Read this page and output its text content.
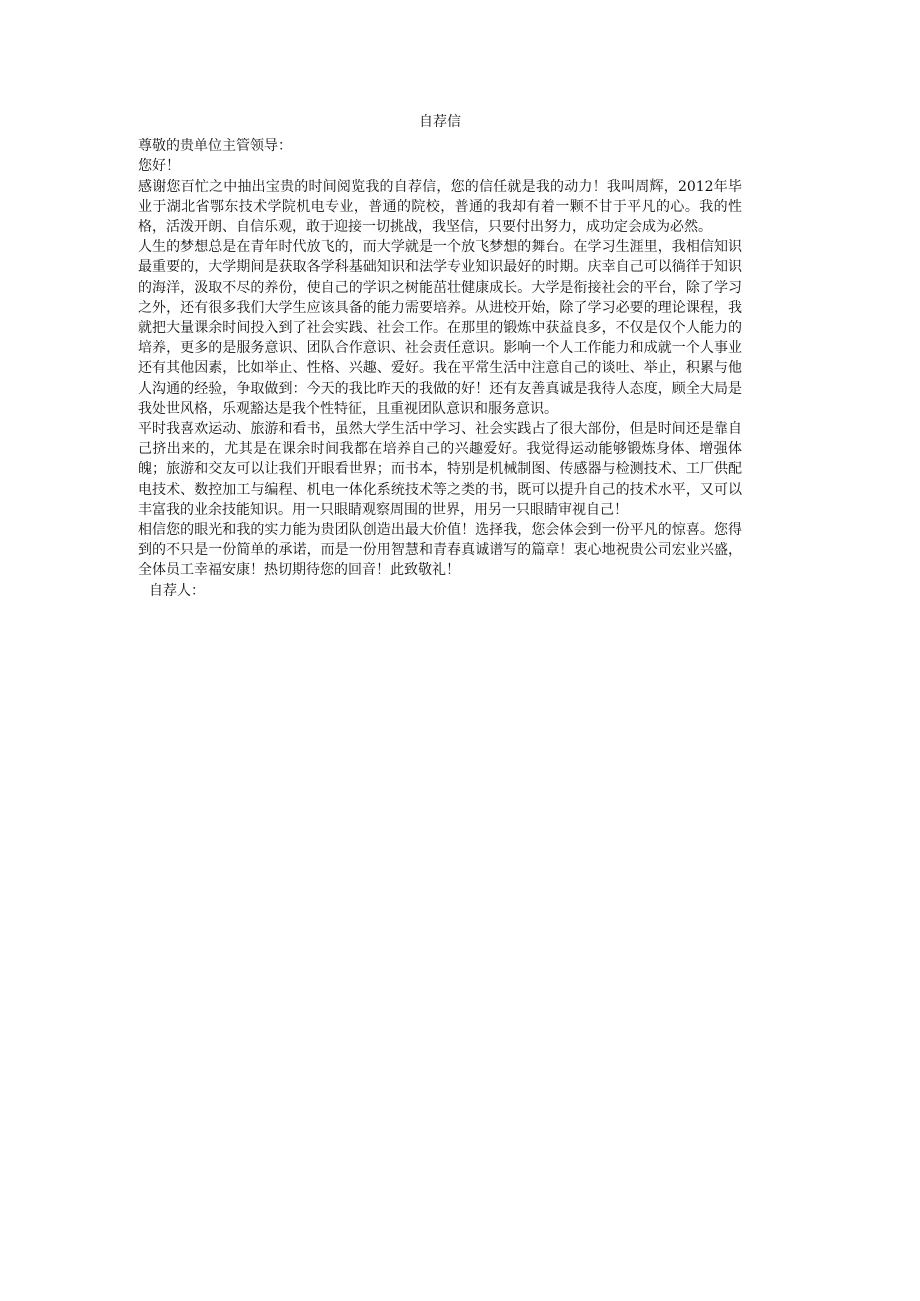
自荐信

尊敬的贵单位主管领导：

您好！

感谢您百忙之中抽出宝贵的时间阅览我的自荐信，您的信任就是我的动力！我叫周辉，2012年毕业于湖北省鄂东技术学院机电专业，普通的院校，普通的我却有着一颗不甘于平凡的心。我的性格，活泼开朗、自信乐观，敢于迎接一切挑战，我坚信，只要付出努力，成功定会成为必然。

人生的梦想总是在青年时代放飞的，而大学就是一个放飞梦想的舞台。在学习生涯里，我相信知识最重要的，大学期间是获取各学科基础知识和法学专业知识最好的时期。庆幸自己可以徜徉于知识的海洋，汲取不尽的养份，使自己的学识之树能茁壮健康成长。大学是衔接社会的平台，除了学习之外，还有很多我们大学生应该具备的能力需要培养。从进校开始，除了学习必要的理论课程，我就把大量课余时间投入到了社会实践、社会工作。在那里的锻炼中获益良多，不仅是仅个人能力的培养，更多的是服务意识、团队合作意识、社会责任意识。影响一个人工作能力和成就一个人事业还有其他因素，比如举止、性格、兴趣、爱好。我在平常生活中注意自己的谈吐、举止，积累与他人沟通的经验，争取做到：今天的我比昨天的我做的好！还有友善真诚是我待人态度，顾全大局是我处世风格，乐观豁达是我个性特征，且重视团队意识和服务意识。

平时我喜欢运动、旅游和看书，虽然大学生活中学习、社会实践占了很大部份，但是时间还是靠自己挤出来的，尤其是在课余时间我都在培养自己的兴趣爱好。我觉得运动能够锻炼身体、增强体魄；旅游和交友可以让我们开眼看世界；而书本，特别是机械制图、传感器与检测技术、工厂供配电技术、数控加工与编程、机电一体化系统技术等之类的书，既可以提升自己的技术水平，又可以丰富我的业余技能知识。用一只眼睛观察周围的世界，用另一只眼睛审视自己！

相信您的眼光和我的实力能为贵团队创造出最大价值！选择我，您会体会到一份平凡的惊喜。您得到的不只是一份简单的承诺，而是一份用智慧和青春真诚谱写的篇章！衷心地祝贵公司宏业兴盛，全体员工幸福安康！热切期待您的回音！此致敬礼！

自荐人：
